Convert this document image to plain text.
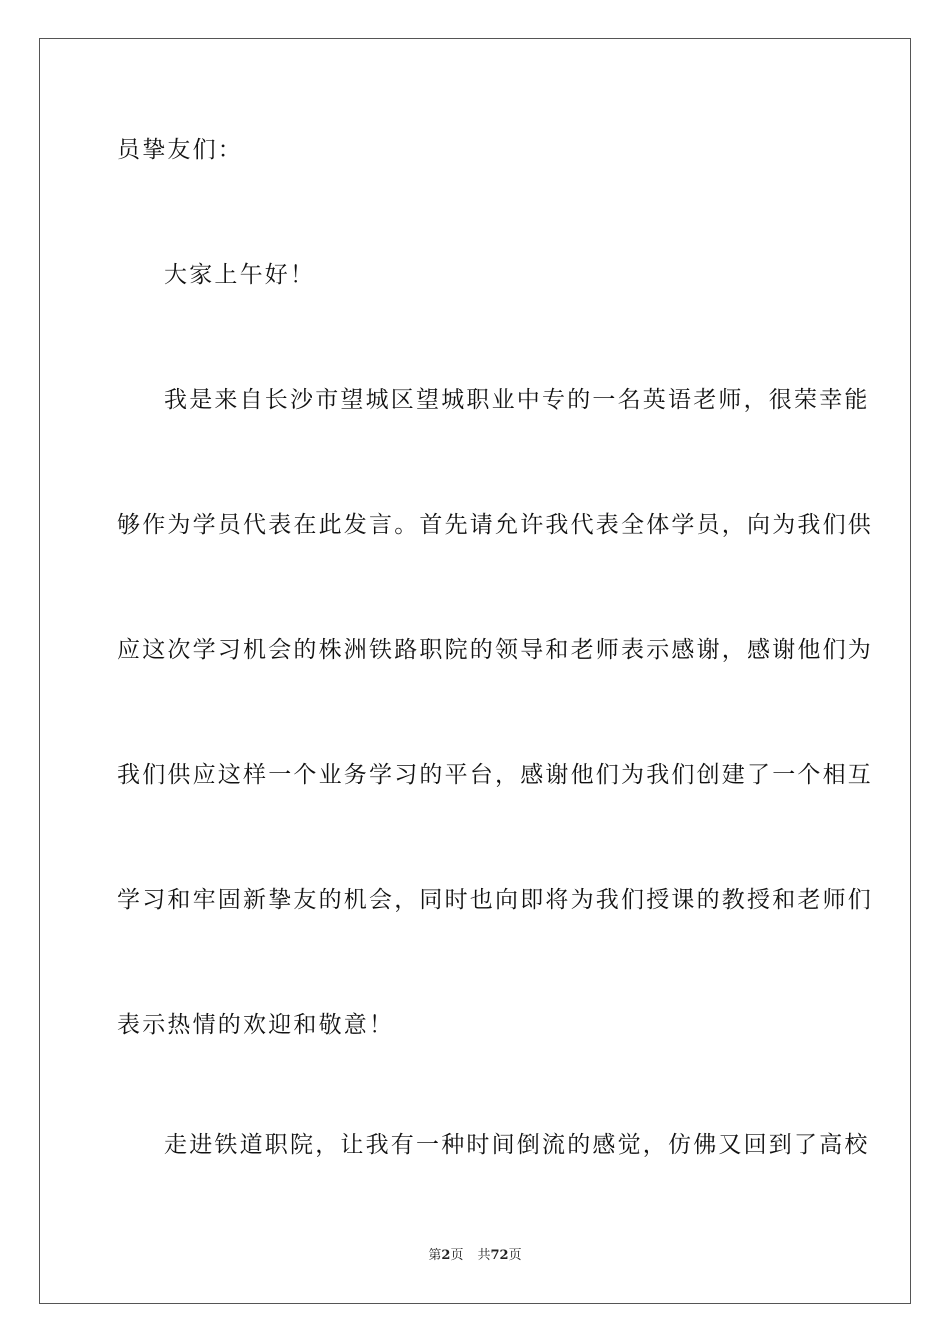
员挚友们：
大家上午好！
我是来自长沙市望城区望城职业中专的一名英语老师，很荣幸能
够作为学员代表在此发言。首先请允许我代表全体学员，向为我们供
应这次学习机会的株洲铁路职院的领导和老师表示感谢，感谢他们为
我们供应这样一个业务学习的平台，感谢他们为我们创建了一个相互
学习和牢固新挚友的机会，同时也向即将为我们授课的教授和老师们
表示热情的欢迎和敬意！
走进铁道职院，让我有一种时间倒流的感觉，仿佛又回到了高校
第2页 共72页
